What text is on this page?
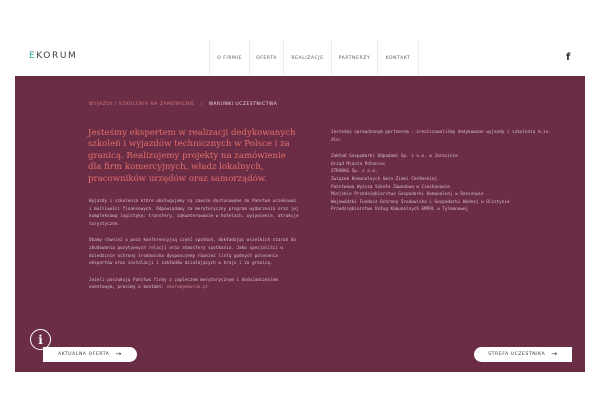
EKORUM	O FIRMIE	OFERTA	REALIZACJE	PARTNERZY	KONTAKT	f
WYJAZDY I SZKOLENIA NA ZAMÓWIENIE / WARUNKI UCZESTNICTWA
Jesteśmy ekspertem w realizacji dedykowanych szkoleń i wyjazdów technicznych w Polsce i za granicą. Realizujemy projekty na zamówienie dla firm komercyjnych, władz lokalnych, pracowników urzędów oraz samorządów.

Wyjazdy i szkolenia które obsługujemy są zawsze dostosowane do Państwa oczekiwań i możliwości finansowych. Odpowiadamy za merytoryczny program wydarzenia oraz jej kompleksową logistykę: transfery, zakwaterowanie w hotelach, wyżywienie, atrakcje turystyczne.

Dbamy również o poza konferencyjną część spotkań, dokładając wszelkich starań do zbudowania pozytywnych relacji oraz atmosfery spotkania. Jako specjaliści w dziedzinie ochrony środowiska dysponujemy również listą godnych polecenia ekspertów oraz instalacji i zakładów działających w kraju i za granicą.

Jeżeli poszukują Państwo firmy z zapleczem merytorycznym i doświadczeniem eventowym, prosimy o kontakt: ekorum@ekorum.pl

Jesteśmy sprawdzonym partnerem - zrealizowaliśmy dedykowane wyjazdy i szkolenia m.in. dla:

Zakład Gospodarki Odpadami Sp. z o.o. w Jarocinie
Urząd Miasta Połaniec
STRABAG Sp. z o.o.
Związek Komunalnych Gmin Ziemi Chełmskiej
Państwowa Wyższa Szkoła Zawodowa w Ciechanowie
Miejskie Przedsiębiorstwo Gospodarki Komunalnej w Rzeszowie
Wojewódzki Fundusz Ochrony Środowiska i Gospodarki Wodnej w Olsztynie
Przedsiębiorstwo Usług Komunalnych EMPOL w Tylmanowej
AKTUALNA OFERTA →
i
STREFA UCZESTNIKA →
